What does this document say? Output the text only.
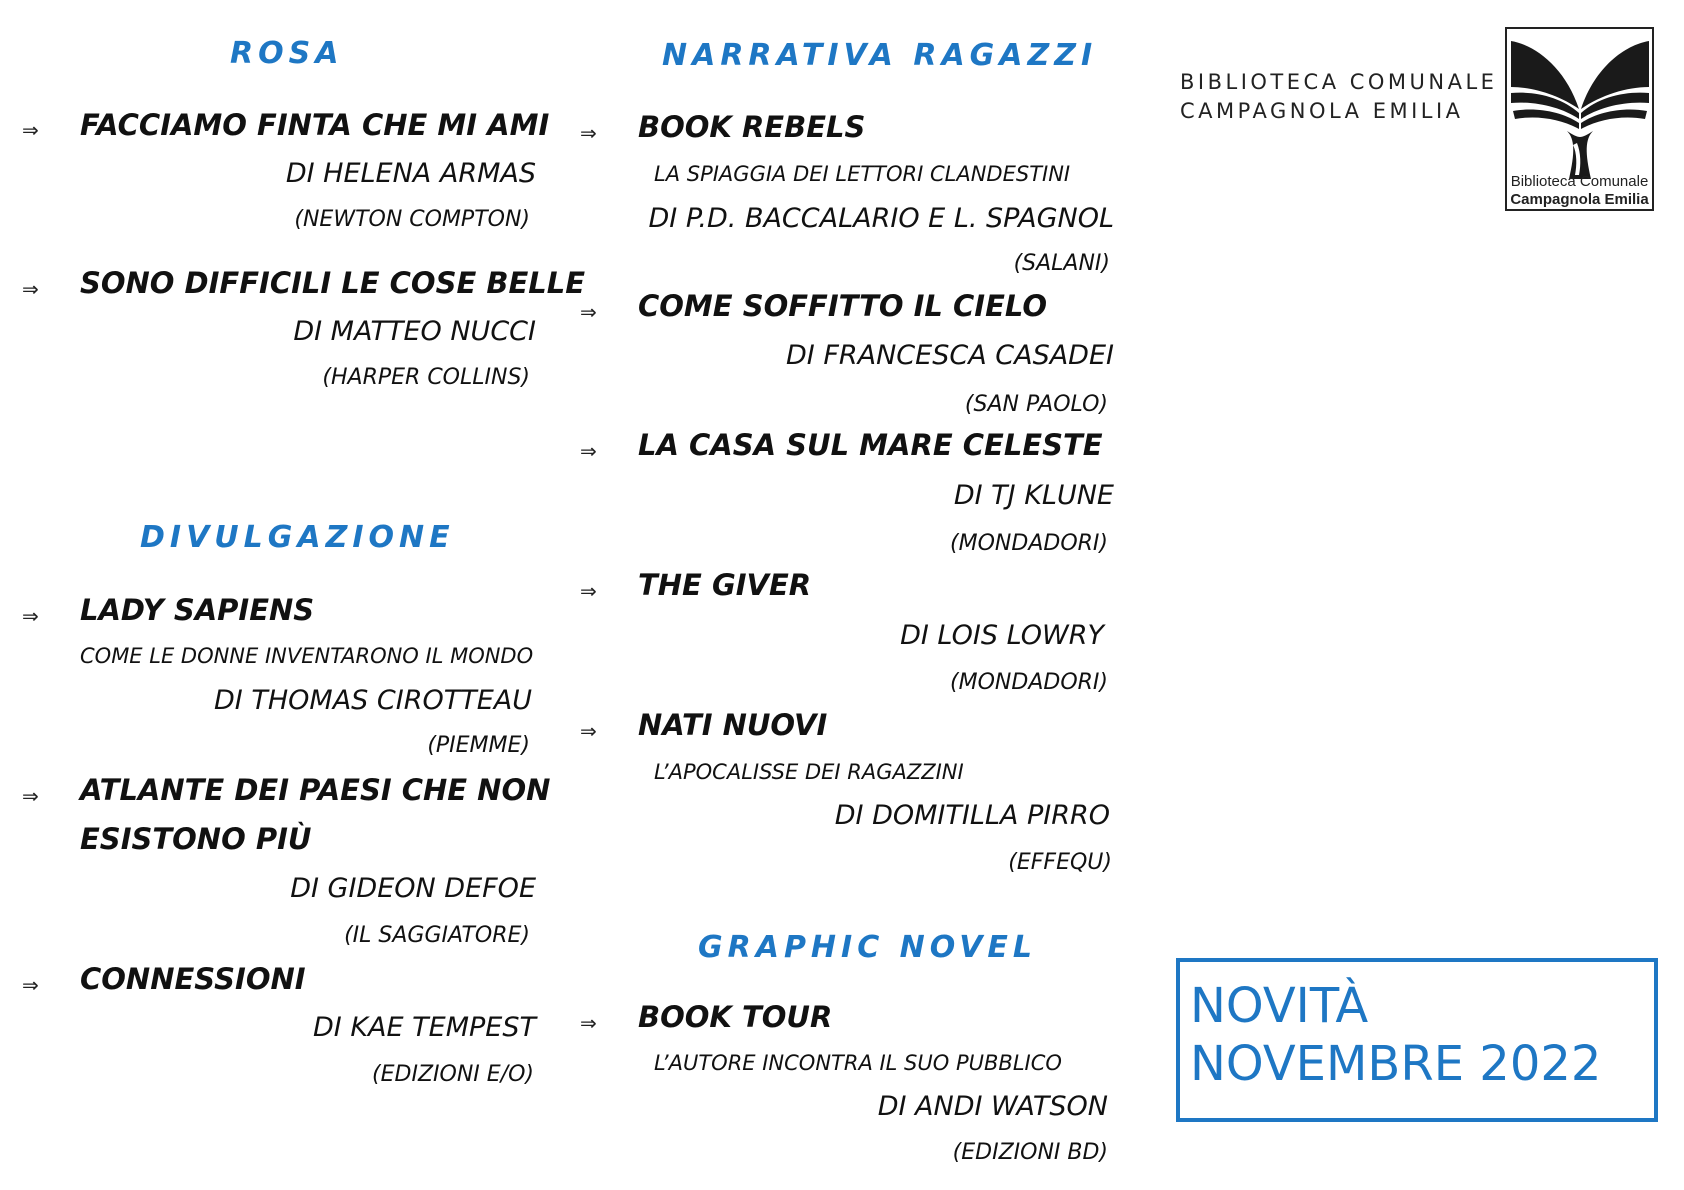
ROSA
⇒ FACCIAMO FINTA CHE MI AMI
DI HELENA ARMAS
(NEWTON COMPTON)
⇒ SONO DIFFICILI LE COSE BELLE
DI MATTEO NUCCI
(HARPER COLLINS)
DIVULGAZIONE
⇒ LADY SAPIENS
COME LE DONNE INVENTARONO IL MONDO
DI THOMAS CIROTTEAU
(PIEMME)
⇒ ATLANTE DEI PAESI CHE NON
ESISTONO PIÙ
DI GIDEON DEFOE
(IL SAGGIATORE)
⇒ CONNESSIONI
DI KAE TEMPEST
(EDIZIONI E/O)
NARRATIVA RAGAZZI
⇒ BOOK REBELS
LA SPIAGGIA DEI LETTORI CLANDESTINI
DI P.D. BACCALARIO E L. SPAGNOL
(SALANI)
⇒ COME SOFFITTO IL CIELO
DI FRANCESCA CASADEI
(SAN PAOLO)
⇒ LA CASA SUL MARE CELESTE
DI TJ KLUNE
(MONDADORI)
⇒ THE GIVER
DI LOIS LOWRY
(MONDADORI)
⇒ NATI NUOVI
L’APOCALISSE DEI RAGAZZINI
DI DOMITILLA PIRRO
(EFFEQU)
GRAPHIC NOVEL
⇒ BOOK TOUR
L’AUTORE INCONTRA IL SUO PUBBLICO
DI ANDI WATSON
(EDIZIONI BD)
BIBLIOTECA COMUNALE
CAMPAGNOLA EMILIA
Biblioteca Comunale
Campagnola Emilia
NOVITÀ
NOVEMBRE 2022
